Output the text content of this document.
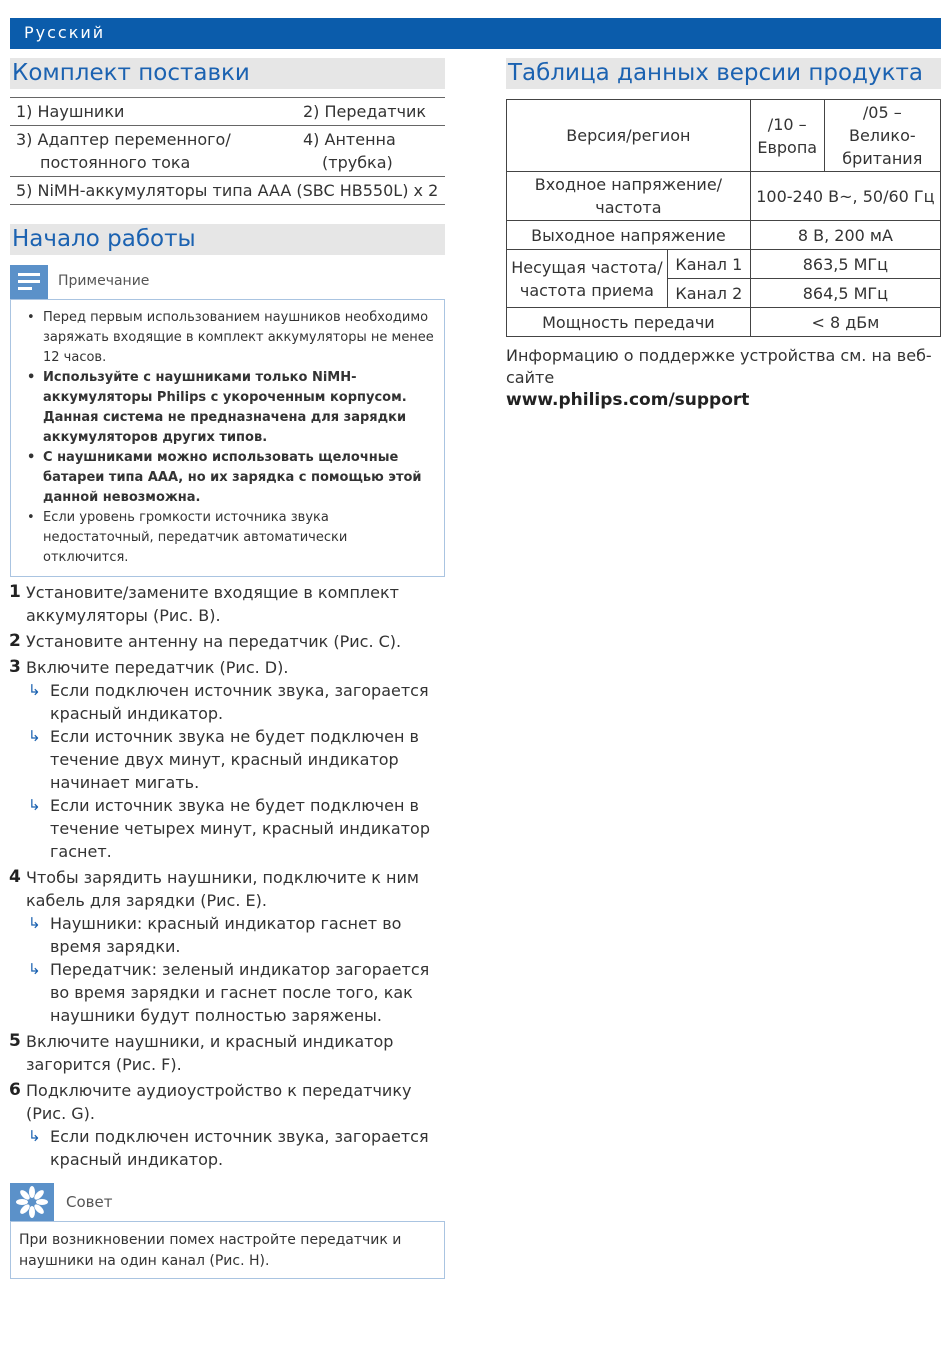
Русский
Комплект поставки
1) Наушники	2) Передатчик
3) Адаптер переменного/
постоянного тока	4) Антенна
(трубка)

5) NiMH-аккумуляторы типа AAA (SBC HB550L) x 2	
Начало работы
Примечание
• Перед первым использованием наушников необходимо заряжать входящие в комплект аккумуляторы не менее 12 часов.
• Используйте с наушниками только NiMH-аккумуляторы Philips с укороченным корпусом. Данная система не предназначена для зарядки аккумуляторов других типов.
• С наушниками можно использовать щелочные батареи типа AAA, но их зарядка с помощью этой данной невозможна.
• Если уровень громкости источника звука недостаточный, передатчик автоматически отключится.
1 Установите/замените входящие в комплект аккумуляторы (Рис. B).
2 Установите антенну на передатчик (Рис. C).
3 Включите передатчик (Рис. D).
↳ Если подключен источник звука, загорается красный индикатор.
↳ Если источник звука не будет подключен в течение двух минут, красный индикатор начинает мигать.
↳ Если источник звука не будет подключен в течение четырех минут, красный индикатор гаснет.
4 Чтобы зарядить наушники, подключите к ним кабель для зарядки (Рис. E).
↳ Наушники: красный индикатор гаснет во время зарядки.
↳ Передатчик: зеленый индикатор загорается во время зарядки и гаснет после того, как наушники будут полностью заряжены.
5 Включите наушники, и красный индикатор загорится (Рис. F).
6 Подключите аудиоустройство к передатчику (Рис. G).
↳ Если подключен источник звука, загорается красный индикатор.
Совет
При возникновении помех настройте передатчик и наушники на один канал (Рис. H).
Таблица данных версии продукта
Версия/регион		/10 – Европа	/05 – Велико-британия
Входное напряжение/частота		100-240 В~, 50/60 Гц	
Выходное напряжение		8 В, 200 мА	
Несущая частота/ частота приема	Канал 1	863,5 МГц	
	Канал 2	864,5 МГц	
Мощность передачи		< 8 дБм	
Информацию о поддержке устройства см. на веб-сайте
www.philips.com/support
